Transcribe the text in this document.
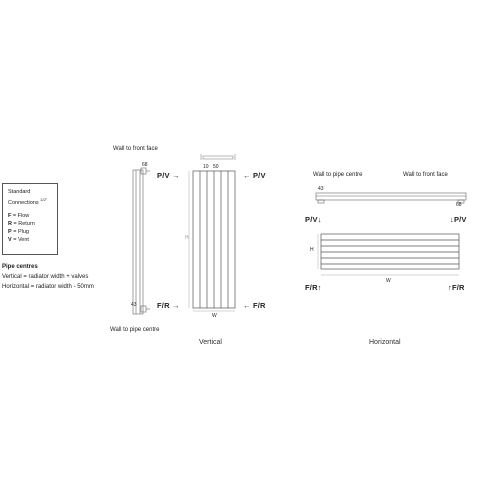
Standard
Connections $^{1/2"}$
F = Flow
R = Return
P = Plug
V = Vent
Pipe centres
Vertical = radiator width + valves
Horizontal = radiator width - 50mm
Wall to front face
Wall to pipe centre
68
43
10 50
H
W
P/V →	← P/V
F/R →	← F/R
Vertical
Wall to pipe centre	Wall to front face
43
68
H
W
P/V↓	↓P/V
F/R↑	↑F/R
Horizontal
